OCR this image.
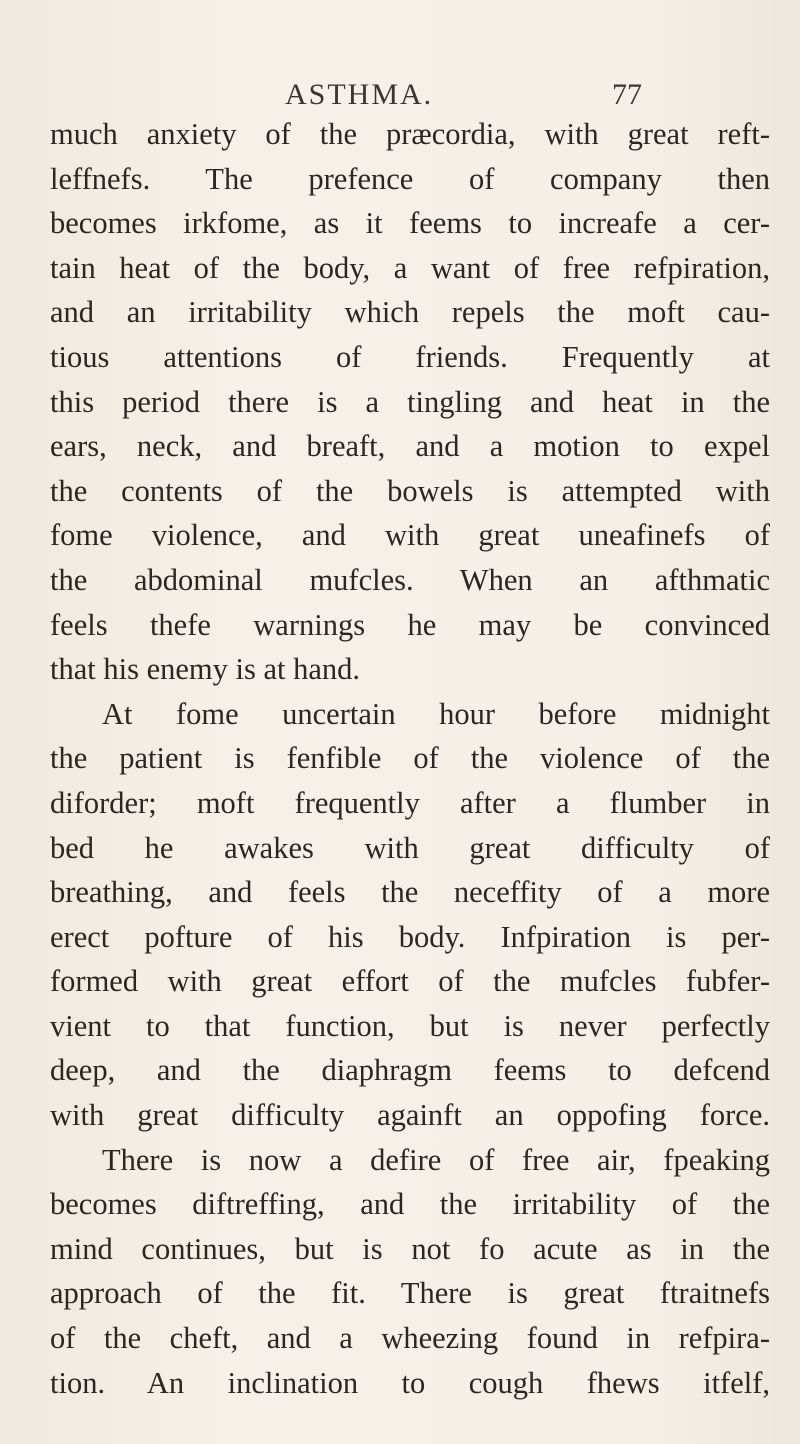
ASTHMA.	77
much anxiety of the præcordia, with great reft-
leffnefs. The prefence of company then
becomes irkfome, as it feems to increafe a cer-
tain heat of the body, a want of free refpiration,
and an irritability which repels the moft cau-
tious attentions of friends. Frequently at
this period there is a tingling and heat in the
ears, neck, and breaft, and a motion to expel
the contents of the bowels is attempted with
fome violence, and with great uneafinefs of
the abdominal mufcles. When an afthmatic
feels thefe warnings he may be convinced
that his enemy is at hand.
At fome uncertain hour before midnight
the patient is fenfible of the violence of the
diforder; moft frequently after a flumber in
bed he awakes with great difficulty of
breathing, and feels the neceffity of a more
erect pofture of his body. Infpiration is per-
formed with great effort of the mufcles fubfer-
vient to that function, but is never perfectly
deep, and the diaphragm feems to defcend
with great difficulty againft an oppofing force.
There is now a defire of free air, fpeaking
becomes diftreffing, and the irritability of the
mind continues, but is not fo acute as in the
approach of the fit. There is great ftraitnefs
of the cheft, and a wheezing found in refpira-
tion. An inclination to cough fhews itfelf,
